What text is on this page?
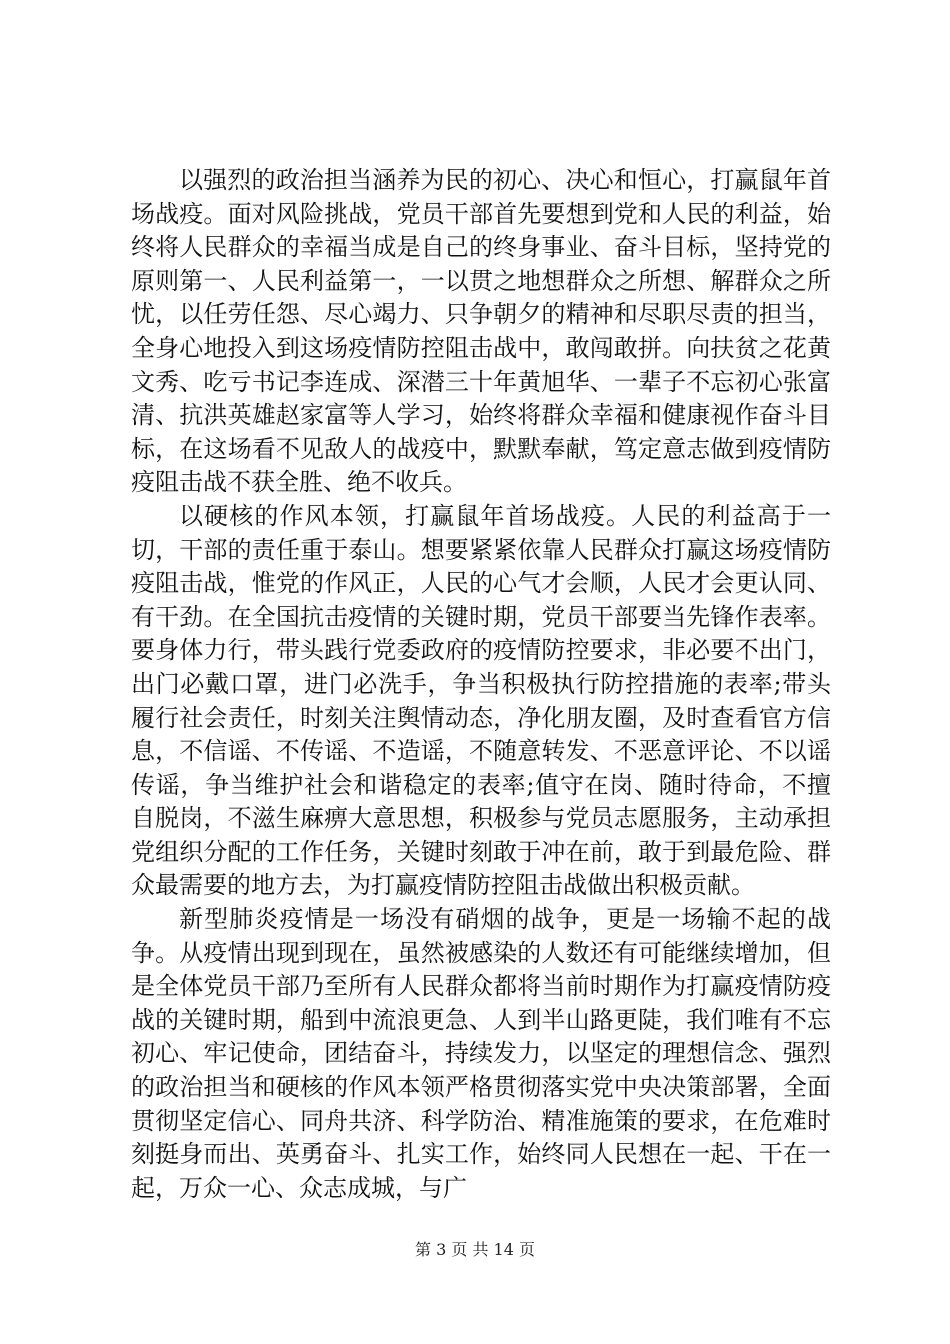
以强烈的政治担当涵养为民的初心、决心和恒心，打赢鼠年首场战疫。面对风险挑战，党员干部首先要想到党和人民的利益，始终将人民群众的幸福当成是自己的终身事业、奋斗目标，坚持党的原则第一、人民利益第一，一以贯之地想群众之所想、解群众之所忧，以任劳任怨、尽心竭力、只争朝夕的精神和尽职尽责的担当，全身心地投入到这场疫情防控阻击战中，敢闯敢拼。向扶贫之花黄文秀、吃亏书记李连成、深潜三十年黄旭华、一辈子不忘初心张富清、抗洪英雄赵家富等人学习，始终将群众幸福和健康视作奋斗目标，在这场看不见敌人的战疫中，默默奉献，笃定意志做到疫情防疫阻击战不获全胜、绝不收兵。

以硬核的作风本领，打赢鼠年首场战疫。人民的利益高于一切，干部的责任重于泰山。想要紧紧依靠人民群众打赢这场疫情防疫阻击战，惟党的作风正，人民的心气才会顺，人民才会更认同、有干劲。在全国抗击疫情的关键时期，党员干部要当先锋作表率。要身体力行，带头践行党委政府的疫情防控要求，非必要不出门，出门必戴口罩，进门必洗手，争当积极执行防控措施的表率;带头履行社会责任，时刻关注舆情动态，净化朋友圈，及时查看官方信息，不信谣、不传谣、不造谣，不随意转发、不恶意评论、不以谣传谣，争当维护社会和谐稳定的表率;值守在岗、随时待命，不擅自脱岗，不滋生麻痹大意思想，积极参与党员志愿服务，主动承担党组织分配的工作任务，关键时刻敢于冲在前，敢于到最危险、群众最需要的地方去，为打赢疫情防控阻击战做出积极贡献。

新型肺炎疫情是一场没有硝烟的战争，更是一场输不起的战争。从疫情出现到现在，虽然被感染的人数还有可能继续增加，但是全体党员干部乃至所有人民群众都将当前时期作为打赢疫情防疫战的关键时期，船到中流浪更急、人到半山路更陡，我们唯有不忘初心、牢记使命，团结奋斗，持续发力，以坚定的理想信念、强烈的政治担当和硬核的作风本领严格贯彻落实党中央决策部署，全面贯彻坚定信心、同舟共济、科学防治、精准施策的要求，在危难时刻挺身而出、英勇奋斗、扎实工作，始终同人民想在一起、干在一起，万众一心、众志成城，与广

第 3 页 共 14 页
